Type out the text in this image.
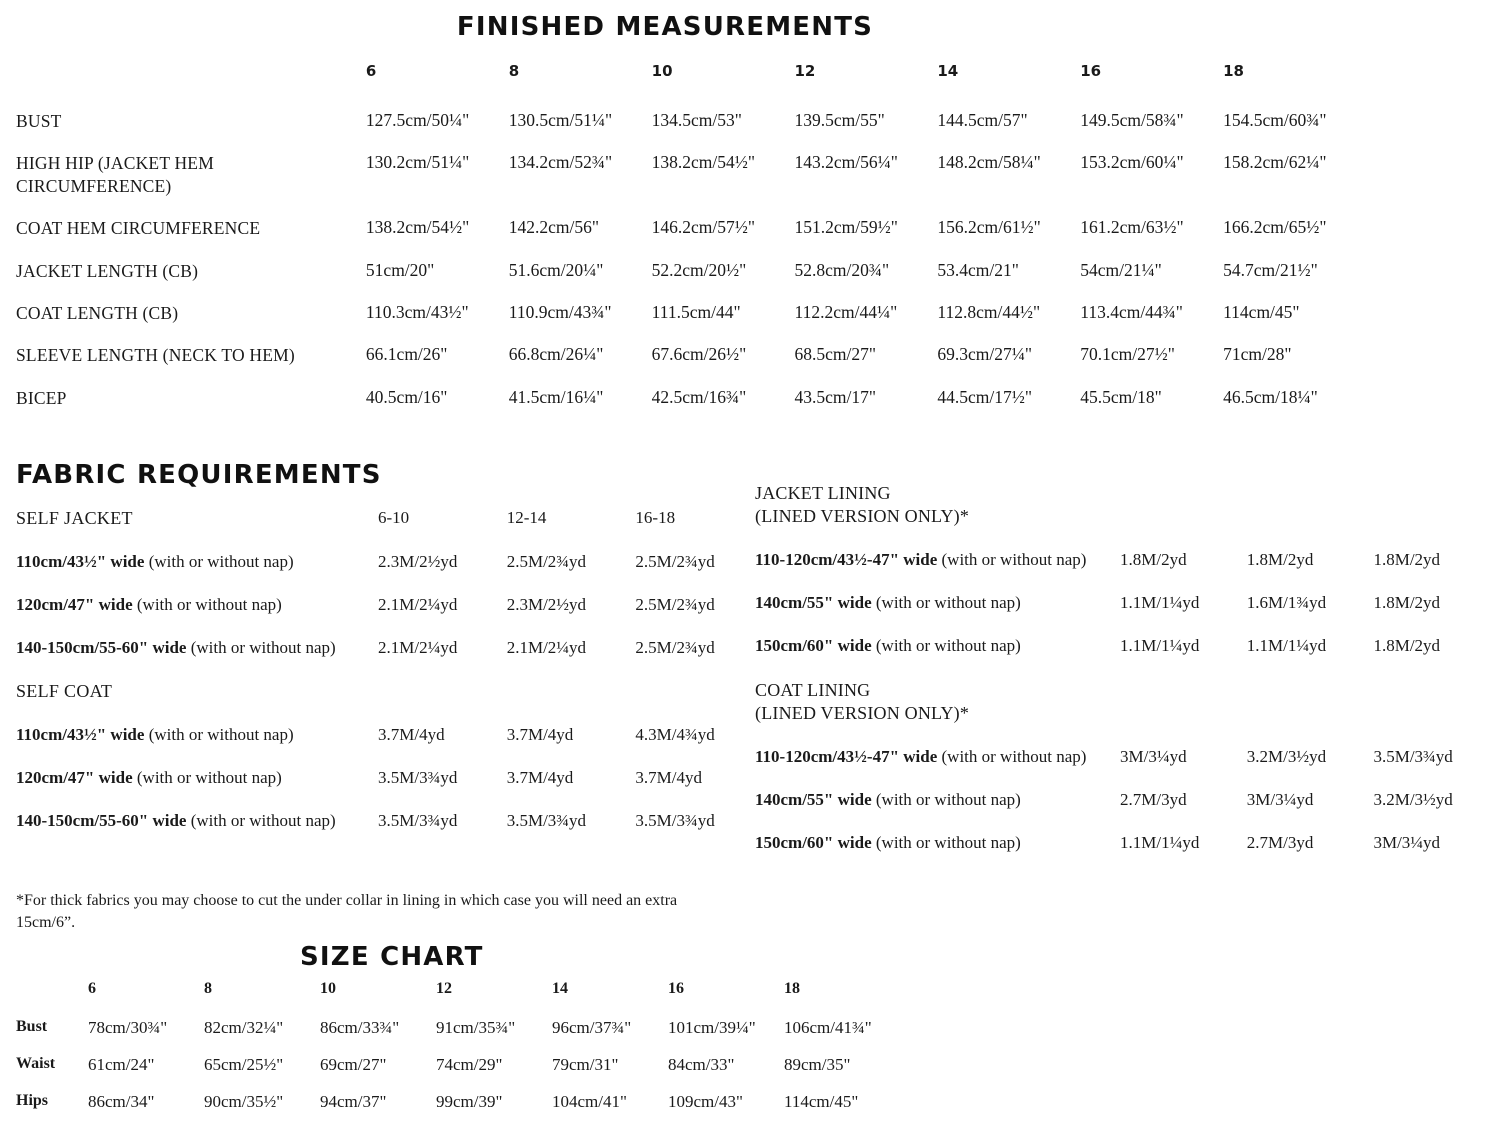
FINISHED MEASUREMENTS
	6	8	10	12	14	16	18
BUST	127.5cm/50¼"	130.5cm/51¼"	134.5cm/53"	139.5cm/55"	144.5cm/57"	149.5cm/58¾"	154.5cm/60¾"
HIGH HIP (JACKET HEM CIRCUMFERENCE)	130.2cm/51¼"	134.2cm/52¾"	138.2cm/54½"	143.2cm/56¼"	148.2cm/58¼"	153.2cm/60¼"	158.2cm/62¼"
COAT HEM CIRCUMFERENCE	138.2cm/54½"	142.2cm/56"	146.2cm/57½"	151.2cm/59½"	156.2cm/61½"	161.2cm/63½"	166.2cm/65½"
JACKET LENGTH (CB)	51cm/20"	51.6cm/20¼"	52.2cm/20½"	52.8cm/20¾"	53.4cm/21"	54cm/21¼"	54.7cm/21½"
COAT LENGTH (CB)	110.3cm/43½"	110.9cm/43¾"	111.5cm/44"	112.2cm/44¼"	112.8cm/44½"	113.4cm/44¾"	114cm/45"
SLEEVE LENGTH (NECK TO HEM)	66.1cm/26"	66.8cm/26¼"	67.6cm/26½"	68.5cm/27"	69.3cm/27¼"	70.1cm/27½"	71cm/28"
BICEP	40.5cm/16"	41.5cm/16¼"	42.5cm/16¾"	43.5cm/17"	44.5cm/17½"	45.5cm/18"	46.5cm/18¼"
FABRIC REQUIREMENTS
SELF JACKET	6-10	12-14	16-18
110cm/43½" wide (with or without nap)	2.3M/2½yd	2.5M/2¾yd	2.5M/2¾yd
120cm/47" wide (with or without nap)	2.1M/2¼yd	2.3M/2½yd	2.5M/2¾yd
140-150cm/55-60" wide (with or without nap)	2.1M/2¼yd	2.1M/2¼yd	2.5M/2¾yd
SELF COAT			
110cm/43½" wide (with or without nap)	3.7M/4yd	3.7M/4yd	4.3M/4¾yd
120cm/47" wide (with or without nap)	3.5M/3¾yd	3.7M/4yd	3.7M/4yd
140-150cm/55-60" wide (with or without nap)	3.5M/3¾yd	3.5M/3¾yd	3.5M/3¾yd
JACKET LINING
(LINED VERSION ONLY)*			
110-120cm/43½-47" wide (with or without nap)	1.8M/2yd	1.8M/2yd	1.8M/2yd
140cm/55" wide (with or without nap)	1.1M/1¼yd	1.6M/1¾yd	1.8M/2yd
150cm/60" wide (with or without nap)	1.1M/1¼yd	1.1M/1¼yd	1.8M/2yd
COAT LINING
(LINED VERSION ONLY)*			
110-120cm/43½-47" wide (with or without nap)	3M/3¼yd	3.2M/3½yd	3.5M/3¾yd
140cm/55" wide (with or without nap)	2.7M/3yd	3M/3¼yd	3.2M/3½yd
150cm/60" wide (with or without nap)	1.1M/1¼yd	2.7M/3yd	3M/3¼yd
*For thick fabrics you may choose to cut the under collar in lining in which case you will need an extra 15cm/6”.
SIZE CHART
	6	8	10	12	14	16	18
Bust	78cm/30¾"	82cm/32¼"	86cm/33¾"	91cm/35¾"	96cm/37¾"	101cm/39¼"	106cm/41¾"
Waist	61cm/24"	65cm/25½"	69cm/27"	74cm/29"	79cm/31"	84cm/33"	89cm/35"
Hips	86cm/34"	90cm/35½"	94cm/37"	99cm/39"	104cm/41"	109cm/43"	114cm/45"
